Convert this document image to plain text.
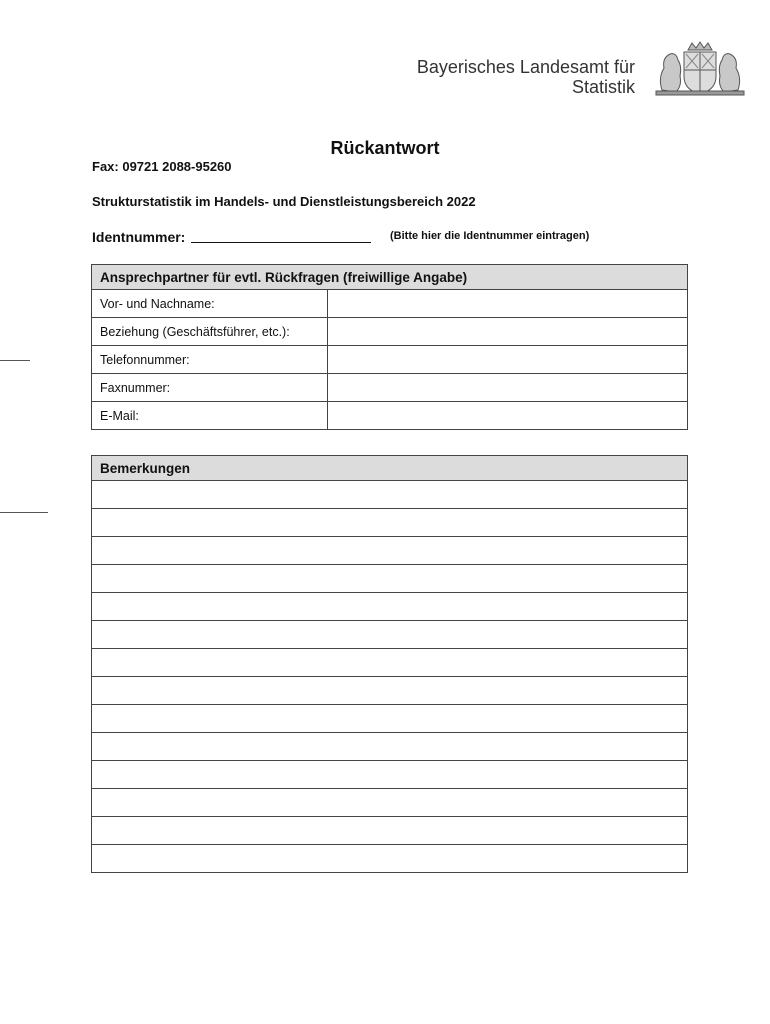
Bayerisches Landesamt für
Statistik
Rückantwort
Fax: 09721 2088-95260
Strukturstatistik im Handels- und Dienstleistungsbereich 2022
Identnummer:	(Bitte hier die Identnummer eintragen)
Ansprechpartner für evtl. Rückfragen (freiwillige Angabe)	
Vor- und Nachname:	
Beziehung (Geschäftsführer, etc.):	
Telefonnummer:	
Faxnummer:	
E-Mail:	
Bemerkungen
